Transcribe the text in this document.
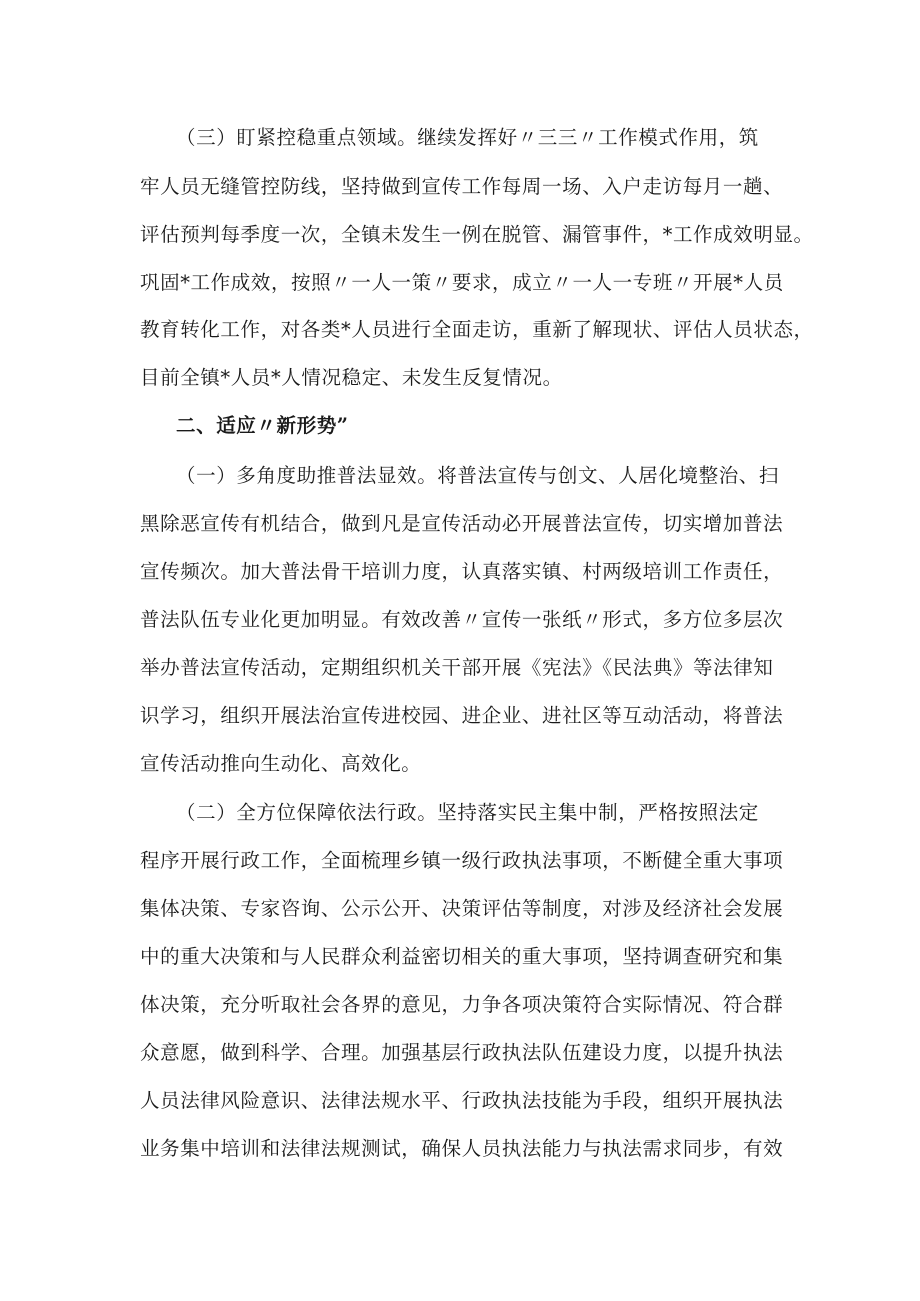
（三）盯紧控稳重点领域。继续发挥好〃三三〃工作模式作用，筑
牢人员无缝管控防线，坚持做到宣传工作每周一场、入户走访每月一趟、
评估预判每季度一次，全镇未发生一例在脱管、漏管事件，*工作成效明显。
巩固*工作成效，按照〃一人一策〃要求，成立〃一人一专班〃开展*人员
教育转化工作，对各类*人员进行全面走访，重新了解现状、评估人员状态，
目前全镇*人员*人情况稳定、未发生反复情况。
二、适应〃新形势”
（一）多角度助推普法显效。将普法宣传与创文、人居化境整治、扫
黑除恶宣传有机结合，做到凡是宣传活动必开展普法宣传，切实增加普法
宣传频次。加大普法骨干培训力度，认真落实镇、村两级培训工作责任，
普法队伍专业化更加明显。有效改善〃宣传一张纸〃形式，多方位多层次
举办普法宣传活动，定期组织机关干部开展《宪法》《民法典》等法律知
识学习，组织开展法治宣传进校园、进企业、进社区等互动活动，将普法
宣传活动推向生动化、高效化。
（二）全方位保障依法行政。坚持落实民主集中制，严格按照法定
程序开展行政工作，全面梳理乡镇一级行政执法事项，不断健全重大事项
集体决策、专家咨询、公示公开、决策评估等制度，对涉及经济社会发展
中的重大决策和与人民群众利益密切相关的重大事项，坚持调查研究和集
体决策，充分听取社会各界的意见，力争各项决策符合实际情况、符合群
众意愿，做到科学、合理。加强基层行政执法队伍建设力度，以提升执法
人员法律风险意识、法律法规水平、行政执法技能为手段，组织开展执法
业务集中培训和法律法规测试，确保人员执法能力与执法需求同步，有效
